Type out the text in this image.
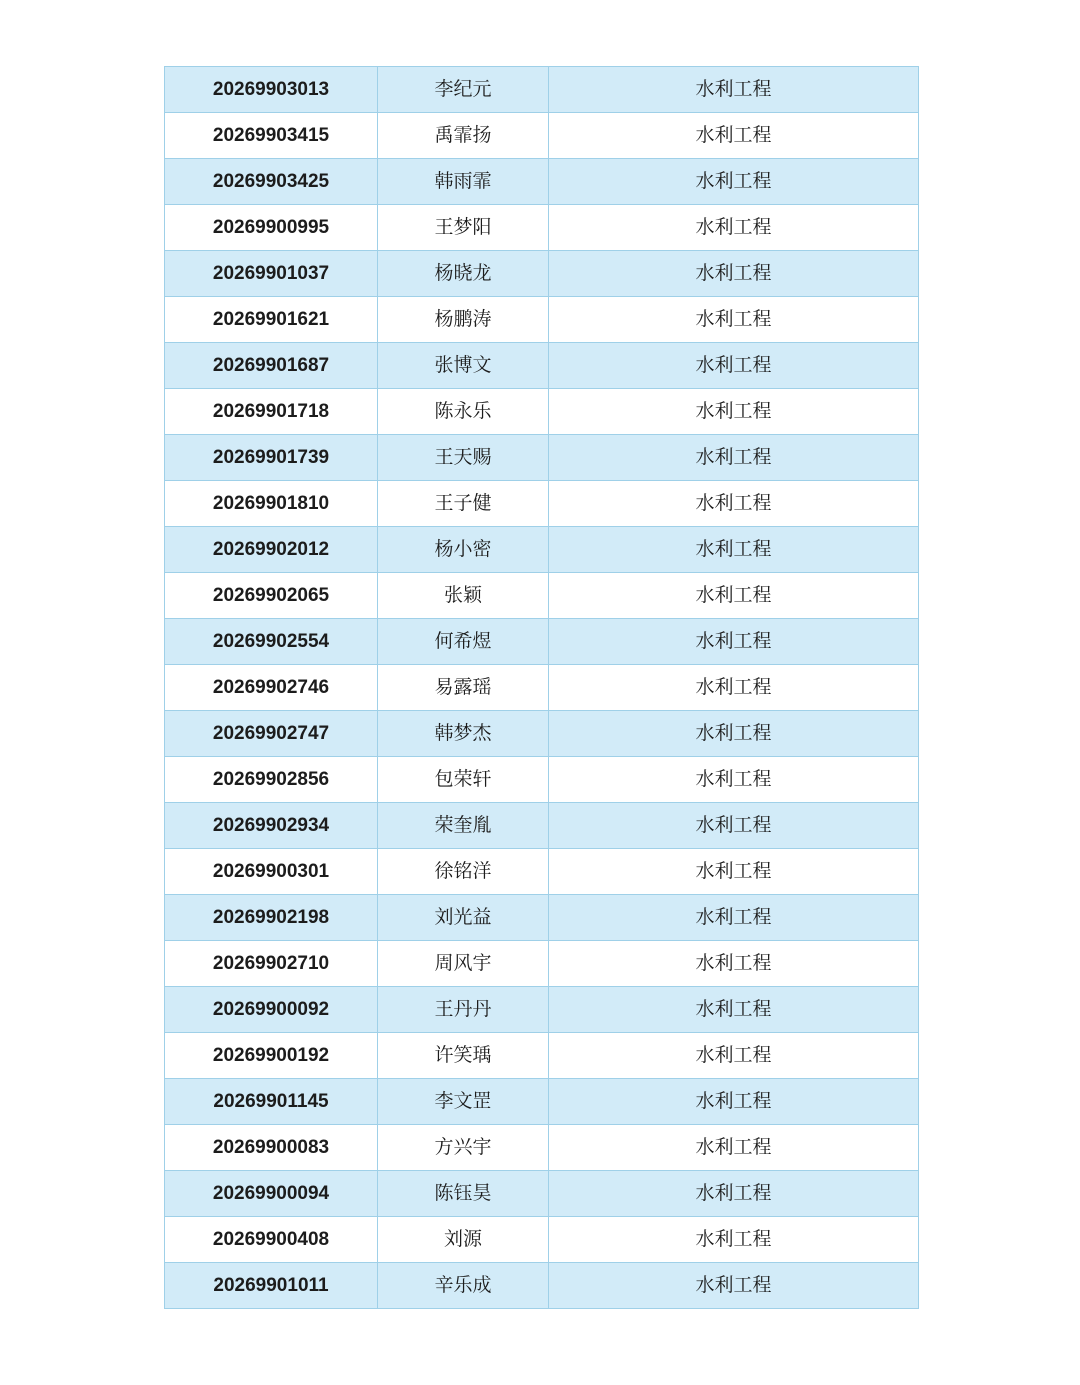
20269903013	李纪元	水利工程
20269903415	禹霏扬	水利工程
20269903425	韩雨霏	水利工程
20269900995	王梦阳	水利工程
20269901037	杨晓龙	水利工程
20269901621	杨鹏涛	水利工程
20269901687	张博文	水利工程
20269901718	陈永乐	水利工程
20269901739	王天赐	水利工程
20269901810	王子健	水利工程
20269902012	杨小密	水利工程
20269902065	张颖	水利工程
20269902554	何希煜	水利工程
20269902746	易露瑶	水利工程
20269902747	韩梦杰	水利工程
20269902856	包荣轩	水利工程
20269902934	荣奎胤	水利工程
20269900301	徐铭洋	水利工程
20269902198	刘光益	水利工程
20269902710	周风宇	水利工程
20269900092	王丹丹	水利工程
20269900192	许笑瑀	水利工程
20269901145	李文罡	水利工程
20269900083	方兴宇	水利工程
20269900094	陈钰昊	水利工程
20269900408	刘源	水利工程
20269901011	辛乐成	水利工程
